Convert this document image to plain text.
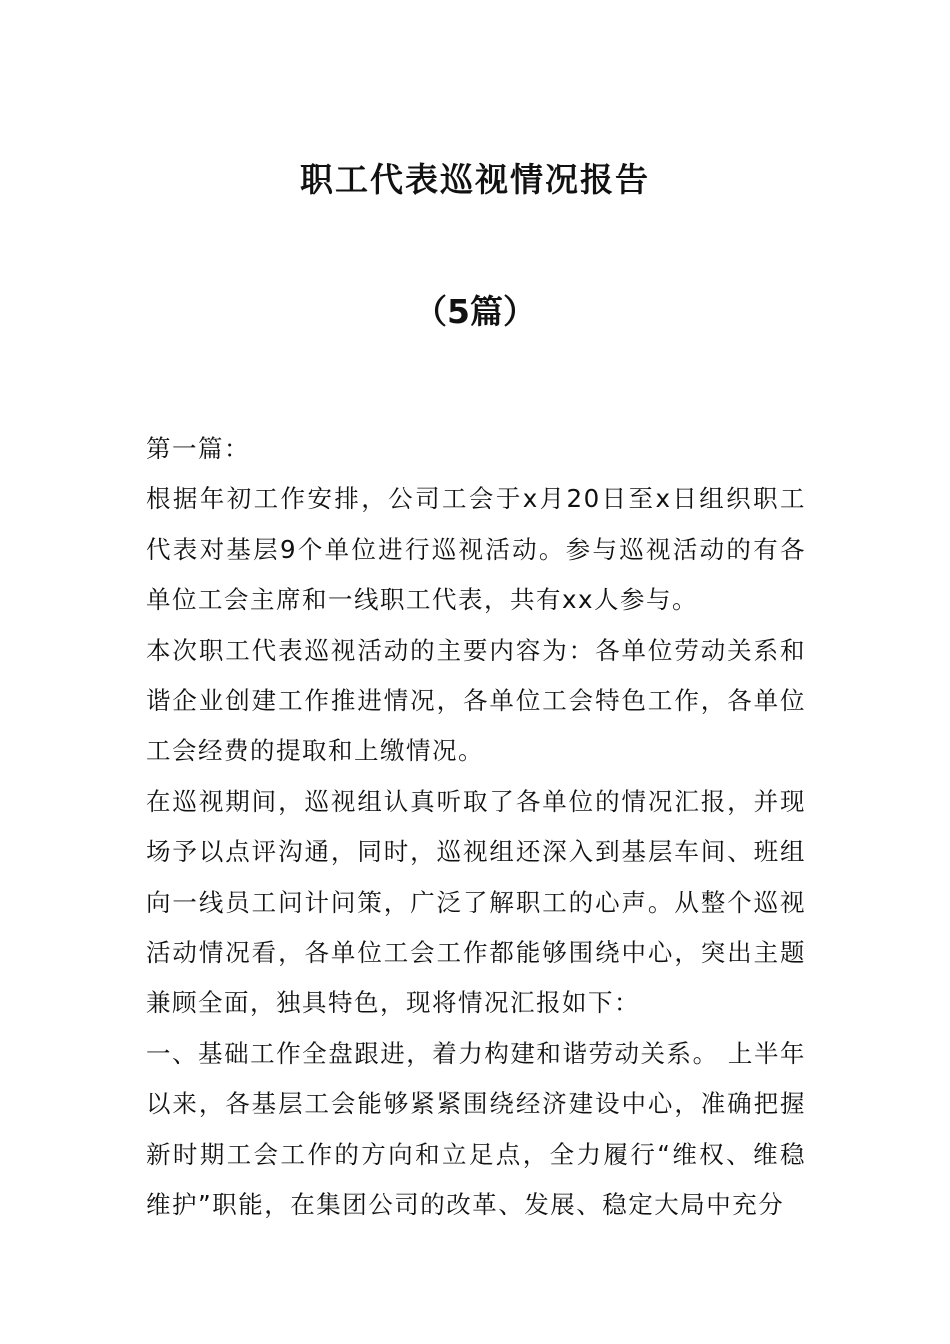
职工代表巡视情况报告
（5篇）

第一篇：

根据年初工作安排，公司工会于x月20日至x日组织职工代表对基层9个单位进行巡视活动。参与巡视活动的有各单位工会主席和一线职工代表，共有xx人参与。

本次职工代表巡视活动的主要内容为：各单位劳动关系和谐企业创建工作推进情况，各单位工会特色工作，各单位工会经费的提取和上缴情况。

在巡视期间，巡视组认真听取了各单位的情况汇报，并现场予以点评沟通，同时，巡视组还深入到基层车间、班组向一线员工问计问策，广泛了解职工的心声。从整个巡视活动情况看，各单位工会工作都能够围绕中心，突出主题兼顾全面，独具特色，现将情况汇报如下：

一、基础工作全盘跟进，着力构建和谐劳动关系。 上半年以来，各基层工会能够紧紧围绕经济建设中心，准确把握新时期工会工作的方向和立足点，全力履行“维权、维稳维护”职能，在集团公司的改革、发展、稳定大局中充分
